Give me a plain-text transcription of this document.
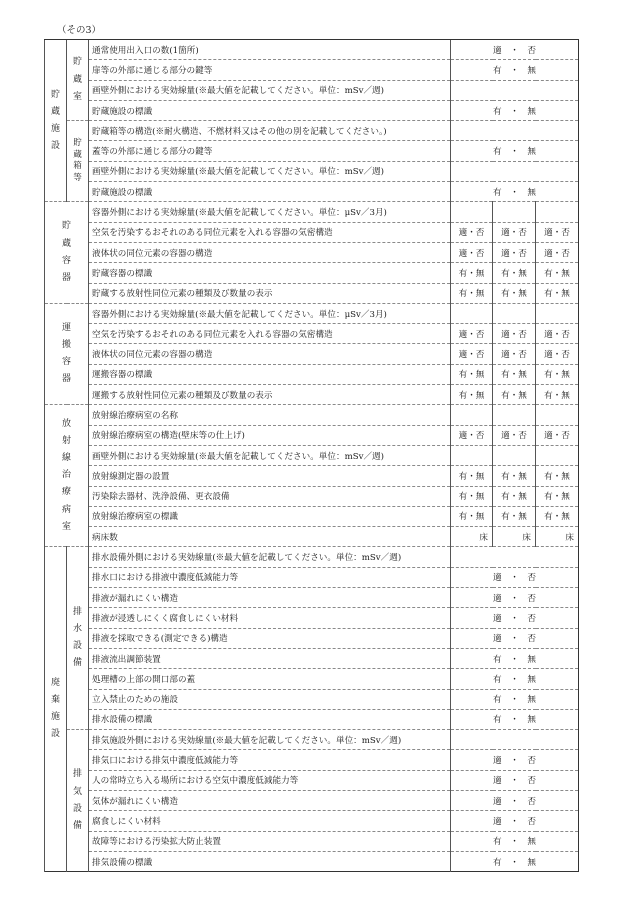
（その3）
貯蔵施設	貯蔵室	通常使用出入口の数(1箇所)	適　・　否		
		扉等の外部に通じる部分の鍵等	有　・　無		
		画壁外側における実効線量(※最大値を記載してください。単位：mSv／週)			
		貯蔵施設の標識	有　・　無		
	貯蔵箱等	貯蔵箱等の構造(※耐火構造、不燃材料又はその他の別を記載してください。)			
		蓋等の外部に通じる部分の鍵等	有　・　無		
		画壁外側における実効線量(※最大値を記載してください。単位：mSv／週)			
		貯蔵施設の標識	有　・　無		
貯蔵容器		容器外側における実効線量(※最大値を記載してください。単位：μSv／3月)			
		空気を汚染するおそれのある同位元素を入れる容器の気密構造	適・否	適・否	適・否
		液体状の同位元素の容器の構造	適・否	適・否	適・否
		貯蔵容器の標識	有・無	有・無	有・無
		貯蔵する放射性同位元素の種類及び数量の表示	有・無	有・無	有・無
運搬容器		容器外側における実効線量(※最大値を記載してください。単位：μSv／3月)			
		空気を汚染するおそれのある同位元素を入れる容器の気密構造	適・否	適・否	適・否
		液体状の同位元素の容器の構造	適・否	適・否	適・否
		運搬容器の標識	有・無	有・無	有・無
		運搬する放射性同位元素の種類及び数量の表示	有・無	有・無	有・無
放射線治療病室		放射線治療病室の名称			
		放射線治療病室の構造(壁床等の仕上げ)	適・否	適・否	適・否
		画壁外側における実効線量(※最大値を記載してください。単位：mSv／週)			
		放射線測定器の設置	有・無	有・無	有・無
		汚染除去器材、洗浄設備、更衣設備	有・無	有・無	有・無
		放射線治療病室の標識	有・無	有・無	有・無
		病床数	床	床	床
廃棄施設	排水設備	排水設備外側における実効線量(※最大値を記載してください。単位：mSv／週)			
		排水口における排液中濃度低減能力等	適　・　否		
		排液が漏れにくい構造	適　・　否		
		排液が浸透しにくく腐食しにくい材料	適　・　否		
		排液を採取できる(測定できる)構造	適　・　否		
		排液流出調節装置	有　・　無		
		処理槽の上部の開口部の蓋	有　・　無		
		立入禁止のための施設	有　・　無		
		排水設備の標識	有　・　無		
	排気設備	排気施設外側における実効線量(※最大値を記載してください。単位：mSv／週)			
		排気口における排気中濃度低減能力等	適　・　否		
		人の常時立ち入る場所における空気中濃度低減能力等	適　・　否		
		気体が漏れにくい構造	適　・　否		
		腐食しにくい材料	適　・　否		
		故障等における汚染拡大防止装置	有　・　無		
		排気設備の標識	有　・　無		
